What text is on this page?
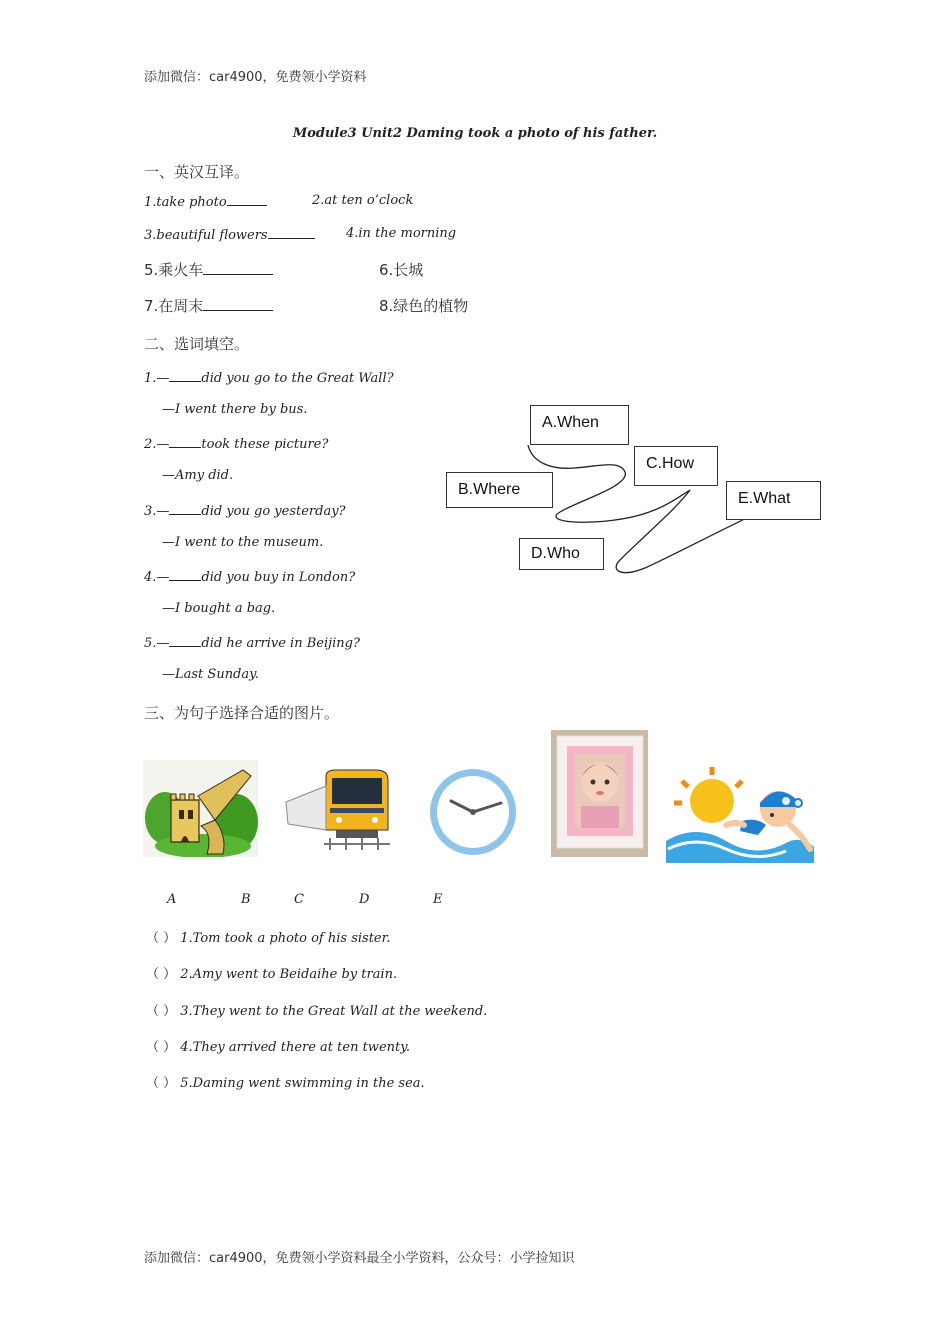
添加微信：car4900，免费领小学资料
Module3 Unit2 Daming took a photo of his father.
一、英汉互译。
1.take photo	2.at ten o’clock
3.beautiful flowers	4.in the morning
5.乘火车	6.长城
7.在周末	8.绿色的植物
二、选词填空。
1.— did you go to the Great Wall?
—I went there by bus.
2.— took these picture?
—Amy did.
3.— did you go yesterday?
—I went to the museum.
4.— did you buy in London?
—I bought a bag.
5.— did he arrive in Beijing?
—Last Sunday.
A.When
B.Where
C.How
D.Who
E.What
三、为句子选择合适的图片。
A	B	C	D	E
（ ） 1.Tom took a photo of his sister.
（ ） 2.Amy went to Beidaihe by train.
（ ） 3.They went to the Great Wall at the weekend.
（ ） 4.They arrived there at ten twenty.
（ ） 5.Daming went swimming in the sea.
添加微信：car4900，免费领小学资料最全小学资料，公众号：小学捡知识
